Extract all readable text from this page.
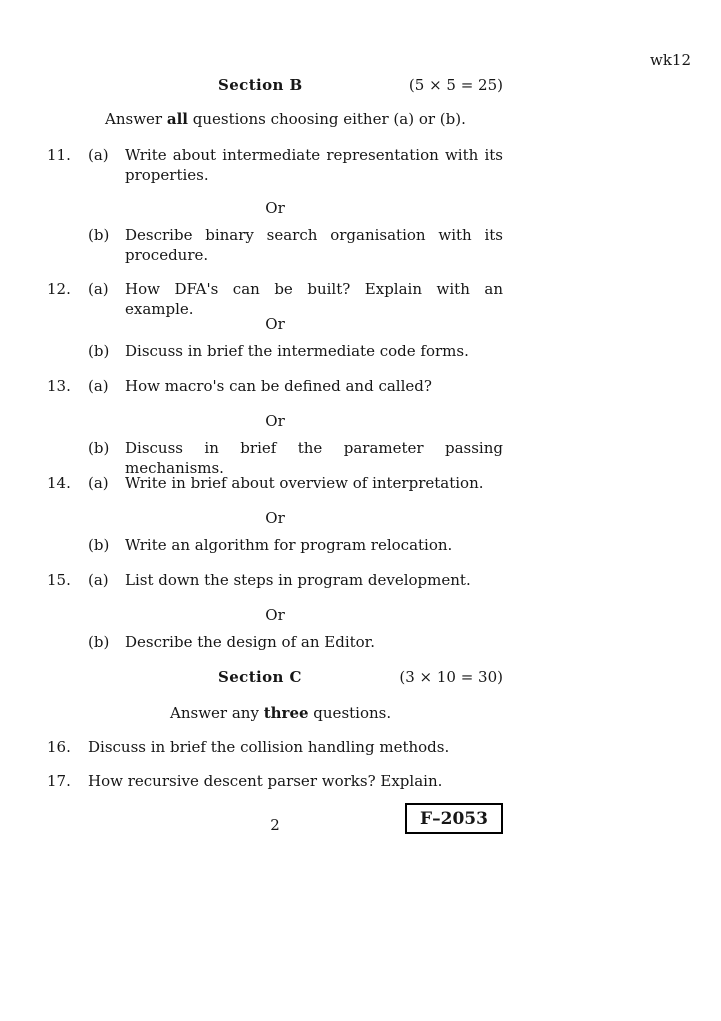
wk12
Section B	(5 × 5 = 25)
Answer all questions choosing either (a) or (b).
11.	(a)	Write about intermediate representation with its properties.
Or
(b)	Describe binary search organisation with its procedure.
12.	(a)	How DFA's can be built? Explain with an example.
Or
(b)	Discuss in brief the intermediate code forms.
13.	(a)	How macro's can be defined and called?
Or
(b)	Discuss in brief the parameter passing mechanisms.
14.	(a)	Write in brief about overview of interpretation.
Or
(b)	Write an algorithm for program relocation.
15.	(a)	List down the steps in program development.
Or
(b)	Describe the design of an Editor.
Section C	(3 × 10 = 30)
Answer any three questions.
16.	Discuss in brief the collision handling methods.
17.	How recursive descent parser works? Explain.
2	F–2053
